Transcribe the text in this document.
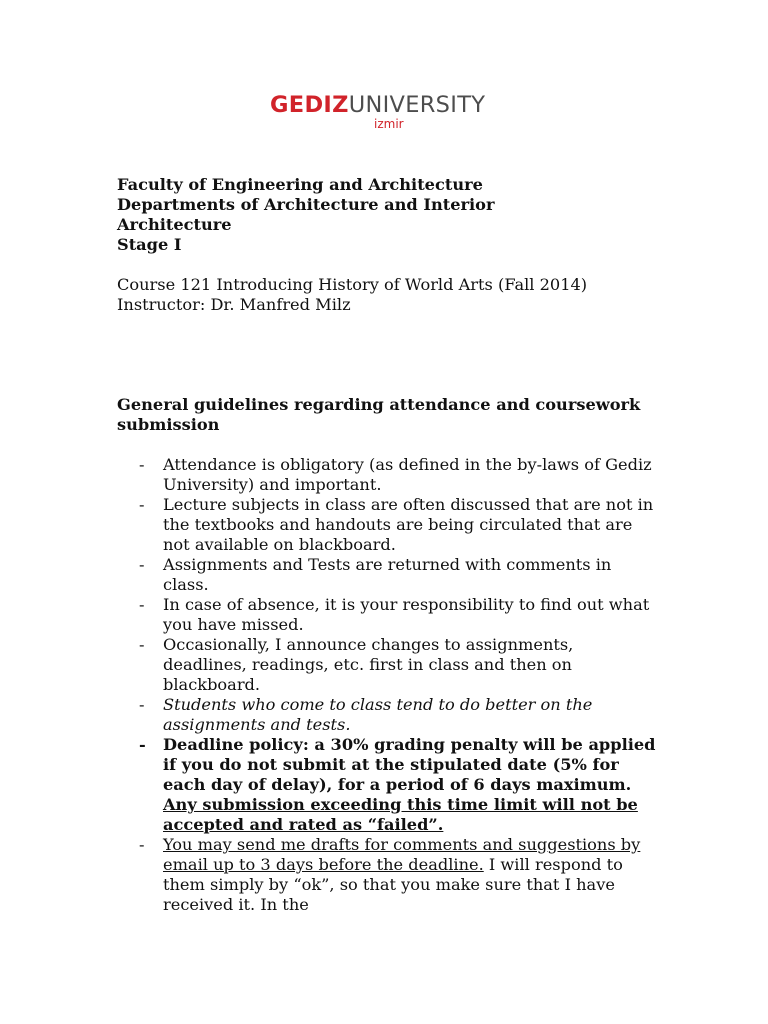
GEDIZUNIVERSITY
izmir
Faculty of Engineering and Architecture
Departments of Architecture and Interior
Architecture
Stage I
Course 121 Introducing History of World Arts (Fall 2014)
Instructor: Dr. Manfred Milz
General guidelines regarding attendance and coursework submission
- Attendance is obligatory (as defined in the by-laws of Gediz University) and important.
- Lecture subjects in class are often discussed that are not in the textbooks and handouts are being circulated that are not available on blackboard.
- Assignments and Tests are returned with comments in class.
- In case of absence, it is your responsibility to find out what you have missed.
- Occasionally, I announce changes to assignments, deadlines, readings, etc. first in class and then on blackboard.
- Students who come to class tend to do better on the assignments and tests.
- Deadline policy: a 30% grading penalty will be applied if you do not submit at the stipulated date (5% for each day of delay), for a period of 6 days maximum. Any submission exceeding this time limit will not be accepted and rated as “failed”.
- You may send me drafts for comments and suggestions by email up to 3 days before the deadline. I will respond to them simply by “ok”, so that you make sure that I have received it. In the
